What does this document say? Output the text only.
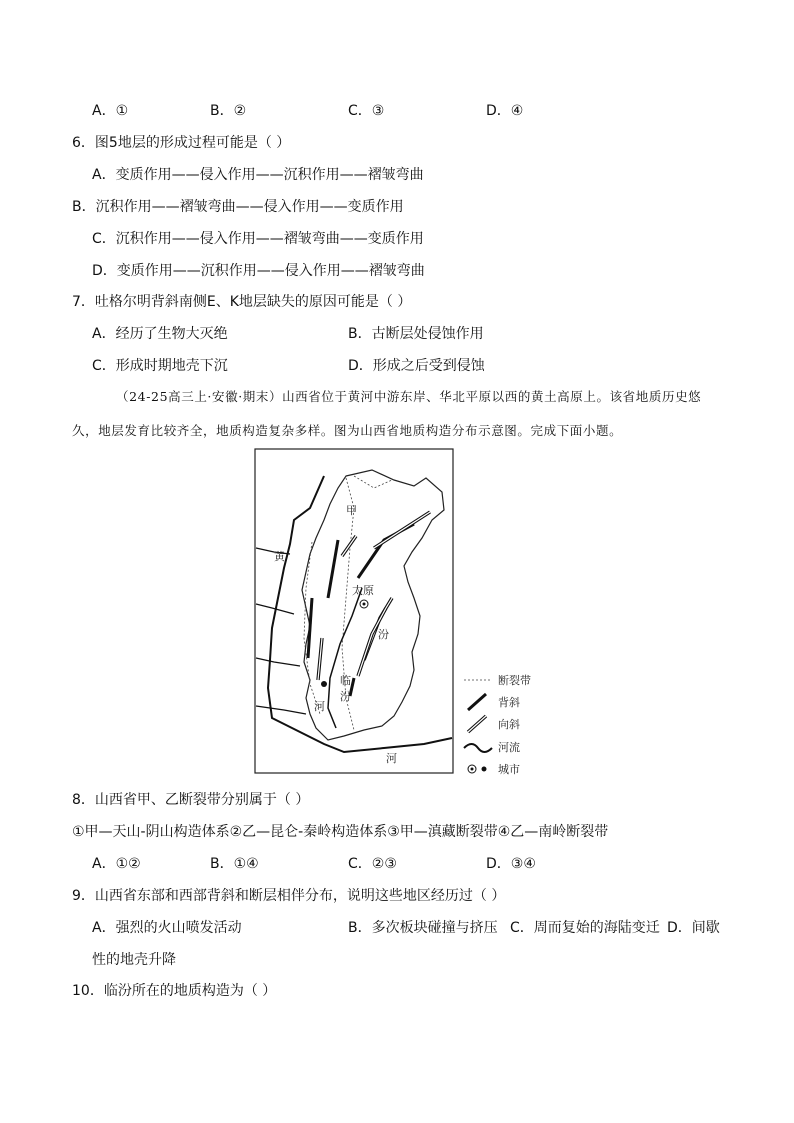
A．①	B．②	C．③	D．④
6．图5地层的形成过程可能是（ ）
A．变质作用——侵入作用——沉积作用——褶皱弯曲
B．沉积作用——褶皱弯曲——侵入作用——变质作用
C．沉积作用——侵入作用——褶皱弯曲——变质作用
D．变质作用——沉积作用——侵入作用——褶皱弯曲
7．吐格尔明背斜南侧E、K地层缺失的原因可能是（ ）
A．经历了生物大灭绝	B．古断层处侵蚀作用
C．形成时期地壳下沉	D．形成之后受到侵蚀
（24-25高三上·安徽·期末）山西省位于黄河中游东岸、华北平原以西的黄土高原上。该省地质历史悠
久，地层发育比较齐全，地质构造复杂多样。图为山西省地质构造分布示意图。完成下面小题。
甲
黄
太原
汾
临
汾
河
河
断裂带
背斜
向斜
河流
城市
8．山西省甲、乙断裂带分别属于（ ）
①甲—天山-阴山构造体系②乙—昆仑-秦岭构造体系③甲—滇藏断裂带④乙—南岭断裂带
A．①②	B．①④	C．②③	D．③④
9．山西省东部和西部背斜和断层相伴分布，说明这些地区经历过（ ）
A．强烈的火山喷发活动	B．多次板块碰撞与挤压 C．周而复始的海陆变迁 D．间歇
性的地壳升降
10．临汾所在的地质构造为（ ）
